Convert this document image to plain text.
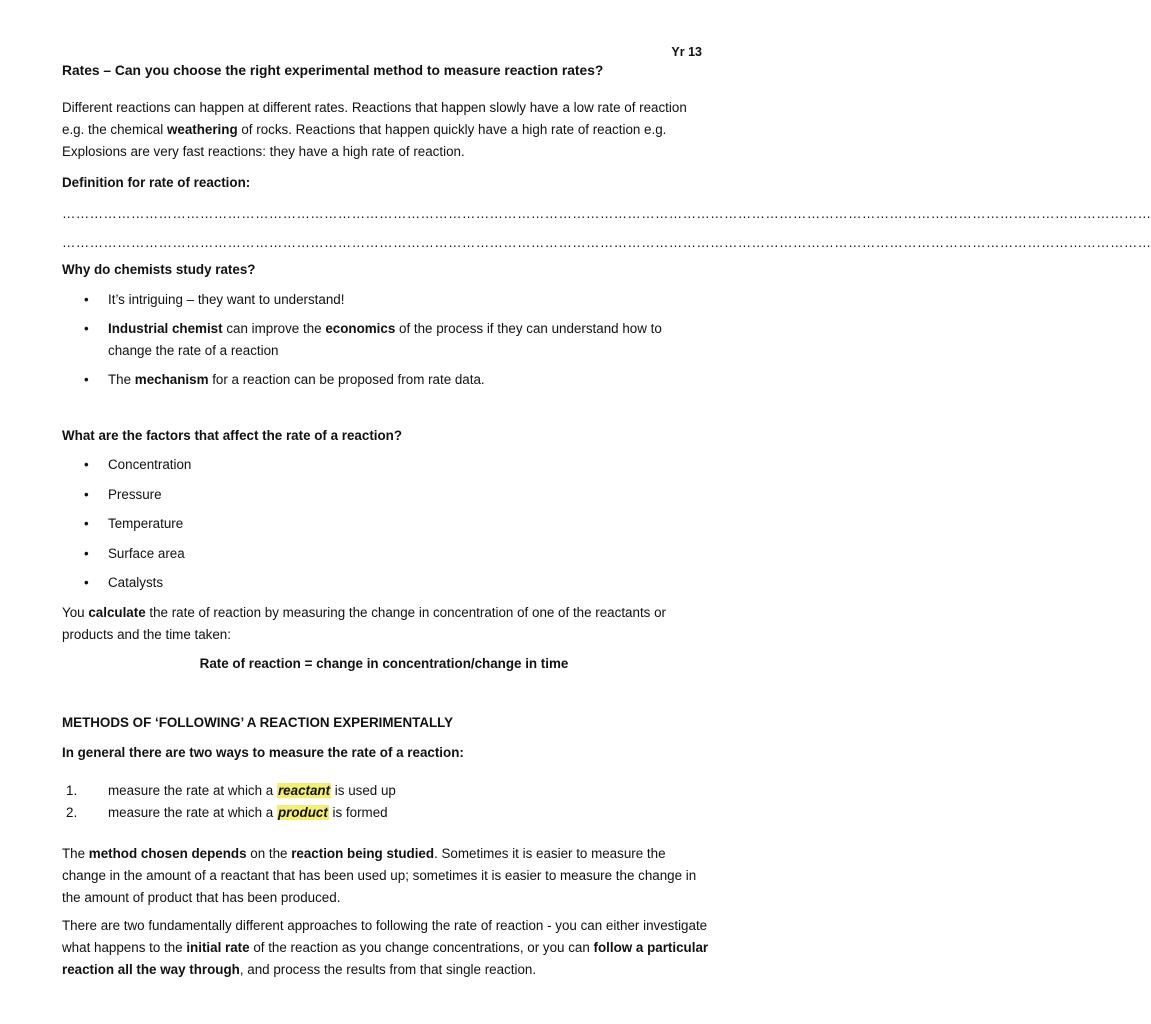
Yr 13
Rates – Can you choose the right experimental method to measure reaction rates?
Different reactions can happen at different rates. Reactions that happen slowly have a low rate of reaction e.g. the chemical weathering of rocks. Reactions that happen quickly have a high rate of reaction e.g. Explosions are very fast reactions: they have a high rate of reaction.
Definition for rate of reaction:
…………………………………………………………………………………………………………………………………………………………………………………………………………………
…………………………………………………………………………………………………………………………………………………………………………………………………………………
Why do chemists study rates?
• It’s intriguing – they want to understand!
• Industrial chemist can improve the economics of the process if they can understand how to change the rate of a reaction
• The mechanism for a reaction can be proposed from rate data.
What are the factors that affect the rate of a reaction?
• Concentration
• Pressure
• Temperature
• Surface area
• Catalysts
You calculate the rate of reaction by measuring the change in concentration of one of the reactants or products and the time taken:
Rate of reaction = change in concentration/change in time
METHODS OF ‘FOLLOWING’ A REACTION EXPERIMENTALLY
In general there are two ways to measure the rate of a reaction:
1. measure the rate at which a reactant is used up
2. measure the rate at which a product is formed
The method chosen depends on the reaction being studied. Sometimes it is easier to measure the change in the amount of a reactant that has been used up; sometimes it is easier to measure the change in the amount of product that has been produced.
There are two fundamentally different approaches to following the rate of reaction - you can either investigate what happens to the initial rate of the reaction as you change concentrations, or you can follow a particular reaction all the way through, and process the results from that single reaction.
